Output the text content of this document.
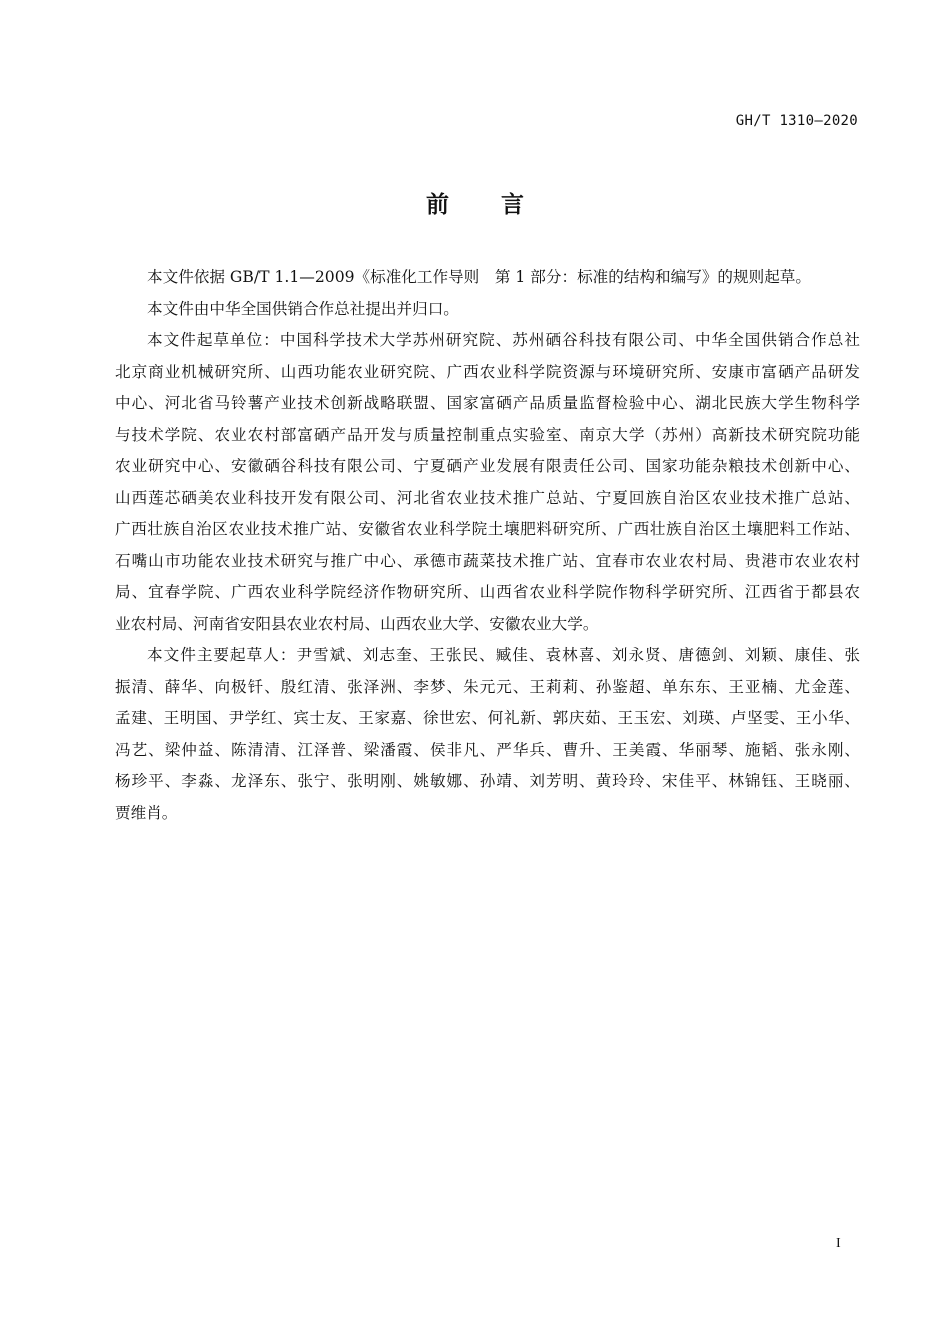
GH/T 1310—2020
前 言
本文件依据 GB/T 1.1—2009《标准化工作导则　第 1 部分：标准的结构和编写》的规则起草。
本文件由中华全国供销合作总社提出并归口。
本文件起草单位：中国科学技术大学苏州研究院、苏州硒谷科技有限公司、中华全国供销合作总社
北京商业机械研究所、山西功能农业研究院、广西农业科学院资源与环境研究所、安康市富硒产品研发
中心、河北省马铃薯产业技术创新战略联盟、国家富硒产品质量监督检验中心、湖北民族大学生物科学
与技术学院、农业农村部富硒产品开发与质量控制重点实验室、南京大学（苏州）高新技术研究院功能
农业研究中心、安徽硒谷科技有限公司、宁夏硒产业发展有限责任公司、国家功能杂粮技术创新中心、
山西莲芯硒美农业科技开发有限公司、河北省农业技术推广总站、宁夏回族自治区农业技术推广总站、
广西壮族自治区农业技术推广站、安徽省农业科学院土壤肥料研究所、广西壮族自治区土壤肥料工作站、
石嘴山市功能农业技术研究与推广中心、承德市蔬菜技术推广站、宜春市农业农村局、贵港市农业农村
局、宜春学院、广西农业科学院经济作物研究所、山西省农业科学院作物科学研究所、江西省于都县农
业农村局、河南省安阳县农业农村局、山西农业大学、安徽农业大学。
本文件主要起草人：尹雪斌、刘志奎、王张民、臧佳、袁林喜、刘永贤、唐德剑、刘颖、康佳、张
振清、薛华、向极钎、殷红清、张泽洲、李梦、朱元元、王莉莉、孙鉴超、单东东、王亚楠、尤金莲、
孟建、王明国、尹学红、宾士友、王家嘉、徐世宏、何礼新、郭庆茹、王玉宏、刘瑛、卢坚雯、王小华、
冯艺、梁仲益、陈清清、江泽普、梁潘霞、侯非凡、严华兵、曹升、王美霞、华丽琴、施韬、张永刚、
杨珍平、李淼、龙泽东、张宁、张明刚、姚敏娜、孙靖、刘芳明、黄玲玲、宋佳平、林锦钰、王晓丽、
贾维肖。
I
